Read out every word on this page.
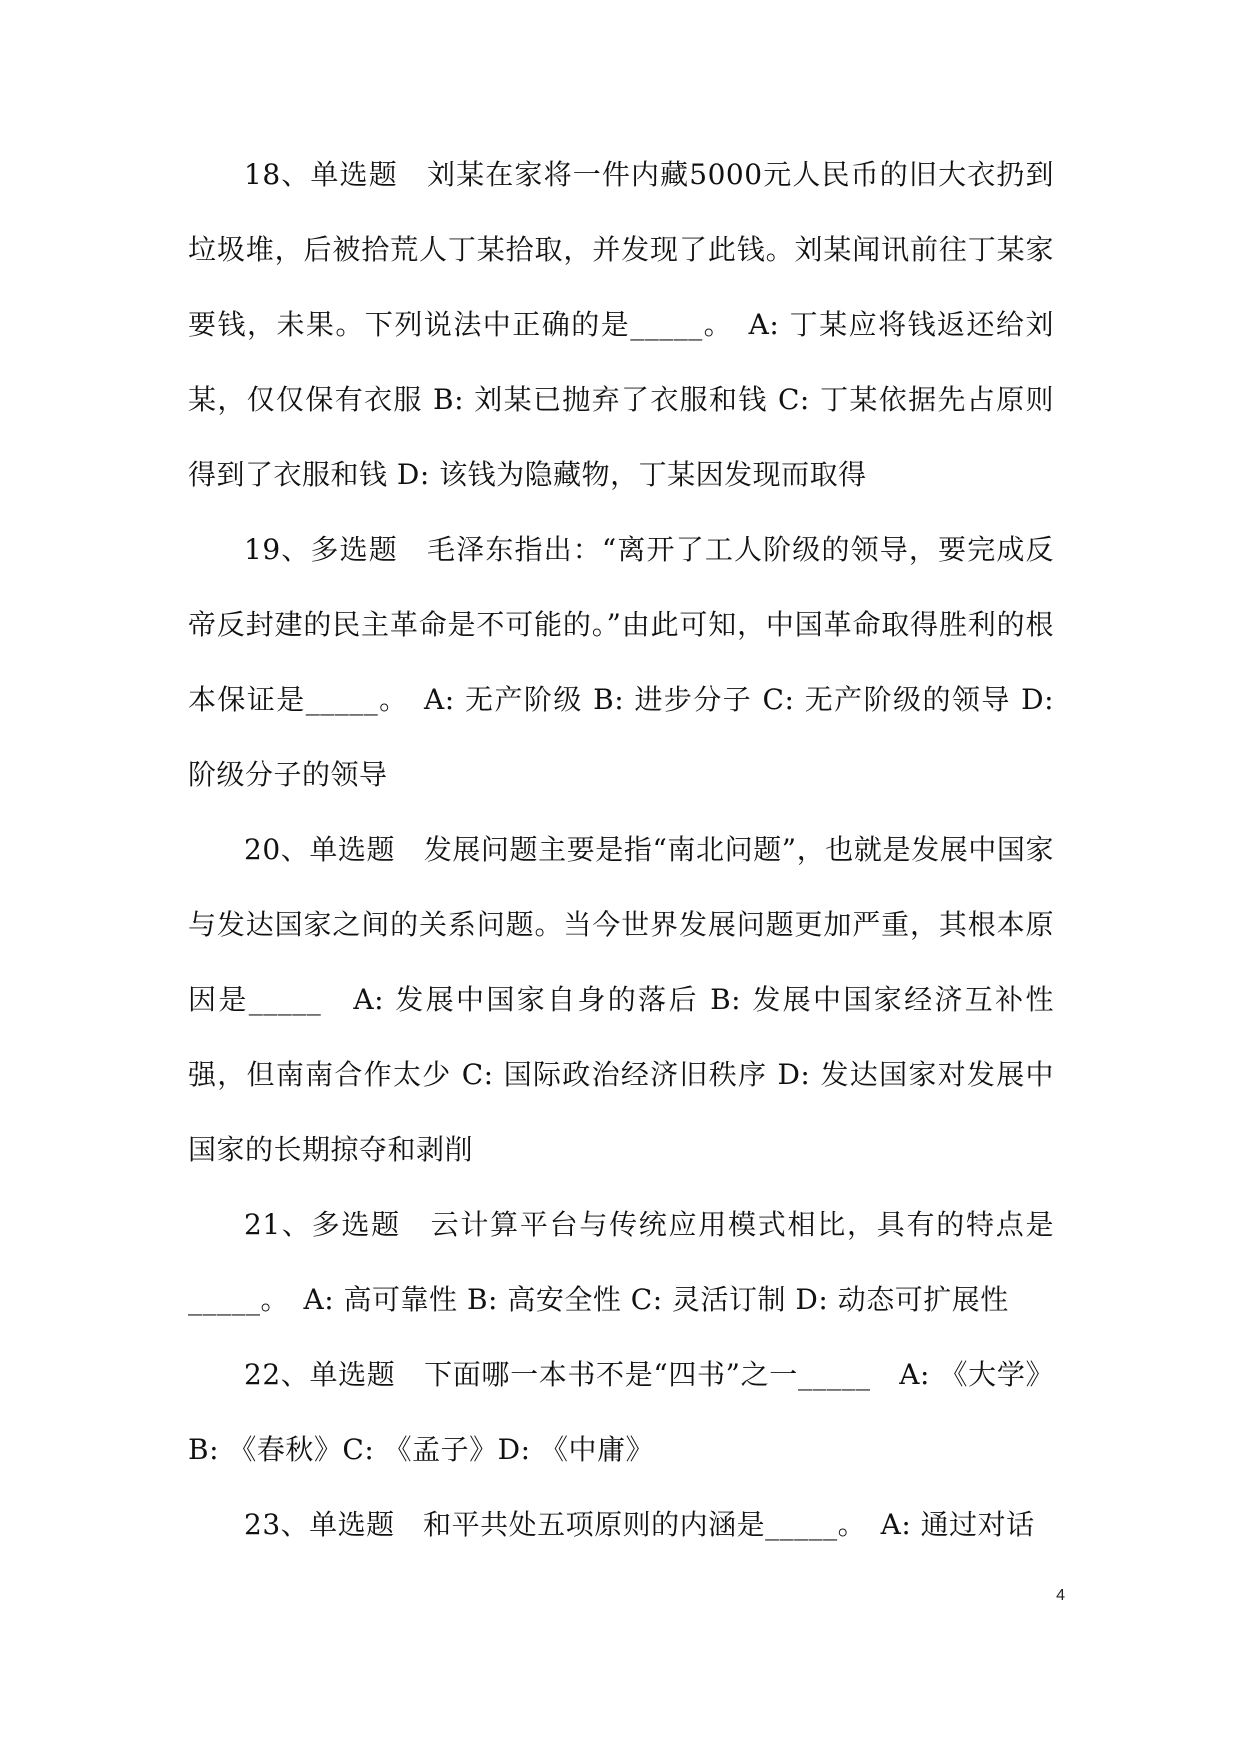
18、单选题　刘某在家将一件内藏5000元人民币的旧大衣扔到垃圾堆，后被拾荒人丁某拾取，并发现了此钱。刘某闻讯前往丁某家要钱，未果。下列说法中正确的是_____。　A: 丁某应将钱返还给刘某，仅仅保有衣服 B: 刘某已抛弃了衣服和钱 C: 丁某依据先占原则得到了衣服和钱 D: 该钱为隐藏物，丁某因发现而取得

19、多选题　毛泽东指出：“离开了工人阶级的领导，要完成反帝反封建的民主革命是不可能的。”由此可知，中国革命取得胜利的根本保证是_____。　A: 无产阶级 B: 进步分子 C: 无产阶级的领导 D: 阶级分子的领导

20、单选题　发展问题主要是指“南北问题”，也就是发展中国家与发达国家之间的关系问题。当今世界发展问题更加严重，其根本原因是_____　A: 发展中国家自身的落后 B: 发展中国家经济互补性强，但南南合作太少 C: 国际政治经济旧秩序 D: 发达国家对发展中国家的长期掠夺和剥削

21、多选题　云计算平台与传统应用模式相比，具有的特点是_____。　A: 高可靠性 B: 高安全性 C: 灵活订制 D: 动态可扩展性

22、单选题　下面哪一本书不是“四书”之一_____　A: 《大学》B: 《春秋》C: 《孟子》D: 《中庸》

23、单选题　和平共处五项原则的内涵是_____。　A: 通过对话

4
